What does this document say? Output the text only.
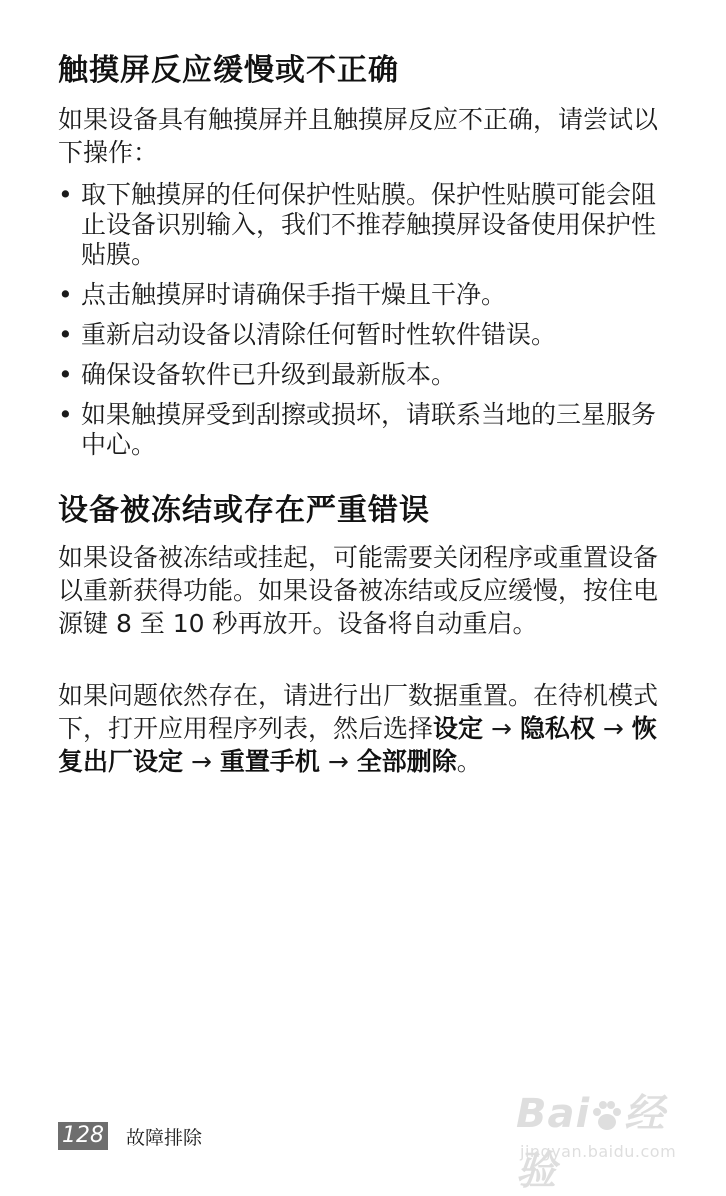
触摸屏反应缓慢或不正确

如果设备具有触摸屏并且触摸屏反应不正确，请尝试以下操作：

• 取下触摸屏的任何保护性贴膜。保护性贴膜可能会阻止设备识别输入，我们不推荐触摸屏设备使用保护性贴膜。
• 点击触摸屏时请确保手指干燥且干净。
• 重新启动设备以清除任何暂时性软件错误。
• 确保设备软件已升级到最新版本。
• 如果触摸屏受到刮擦或损坏，请联系当地的三星服务中心。
设备被冻结或存在严重错误

如果设备被冻结或挂起，可能需要关闭程序或重置设备以重新获得功能。如果设备被冻结或反应缓慢，按住电源键 8 至 10 秒再放开。设备将自动重启。

如果问题依然存在，请进行出厂数据重置。在待机模式下，打开应用程序列表，然后选择设定 → 隐私权 → 恢复出厂设定 → 重置手机 → 全部删除。

128 故障排除
Bai 经验
jingyan.baidu.com
